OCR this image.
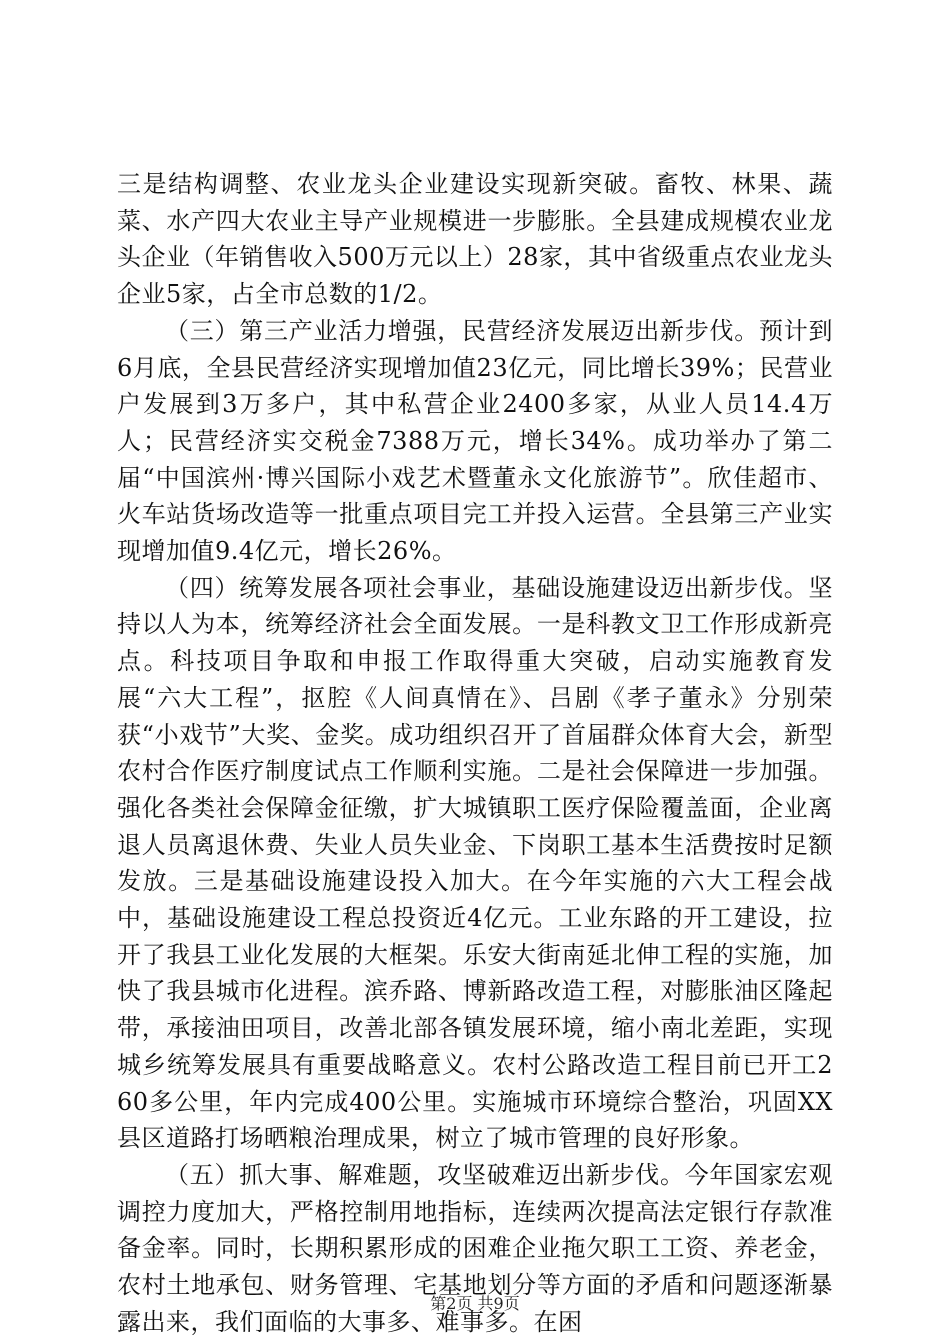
三是结构调整、农业龙头企业建设实现新突破。畜牧、林果、蔬菜、水产四大农业主导产业规模进一步膨胀。全县建成规模农业龙头企业（年销售收入500万元以上）28家，其中省级重点农业龙头企业5家，占全市总数的1/2。

（三）第三产业活力增强，民营经济发展迈出新步伐。预计到6月底，全县民营经济实现增加值23亿元，同比增长39%；民营业户发展到3万多户，其中私营企业2400多家，从业人员14.4万人；民营经济实交税金7388万元，增长34%。成功举办了第二届“中国滨州·博兴国际小戏艺术暨董永文化旅游节”。欣佳超市、火车站货场改造等一批重点项目完工并投入运营。全县第三产业实现增加值9.4亿元，增长26%。

（四）统筹发展各项社会事业，基础设施建设迈出新步伐。坚持以人为本，统筹经济社会全面发展。一是科教文卫工作形成新亮点。科技项目争取和申报工作取得重大突破，启动实施教育发展“六大工程”，抠腔《人间真情在》、吕剧《孝子董永》分别荣获“小戏节”大奖、金奖。成功组织召开了首届群众体育大会，新型农村合作医疗制度试点工作顺利实施。二是社会保障进一步加强。强化各类社会保障金征缴，扩大城镇职工医疗保险覆盖面，企业离退人员离退休费、失业人员失业金、下岗职工基本生活费按时足额发放。三是基础设施建设投入加大。在今年实施的六大工程会战中，基础设施建设工程总投资近4亿元。工业东路的开工建设，拉开了我县工业化发展的大框架。乐安大街南延北伸工程的实施，加快了我县城市化进程。滨乔路、博新路改造工程，对膨胀油区隆起带，承接油田项目，改善北部各镇发展环境，缩小南北差距，实现城乡统筹发展具有重要战略意义。农村公路改造工程目前已开工260多公里，年内完成400公里。实施城市环境综合整治，巩固XX县区道路打场晒粮治理成果，树立了城市管理的良好形象。

（五）抓大事、解难题，攻坚破难迈出新步伐。今年国家宏观调控力度加大，严格控制用地指标，连续两次提高法定银行存款准备金率。同时，长期积累形成的困难企业拖欠职工工资、养老金，农村土地承包、财务管理、宅基地划分等方面的矛盾和问题逐渐暴露出来，我们面临的大事多、难事多。在困

第2页 共9页
